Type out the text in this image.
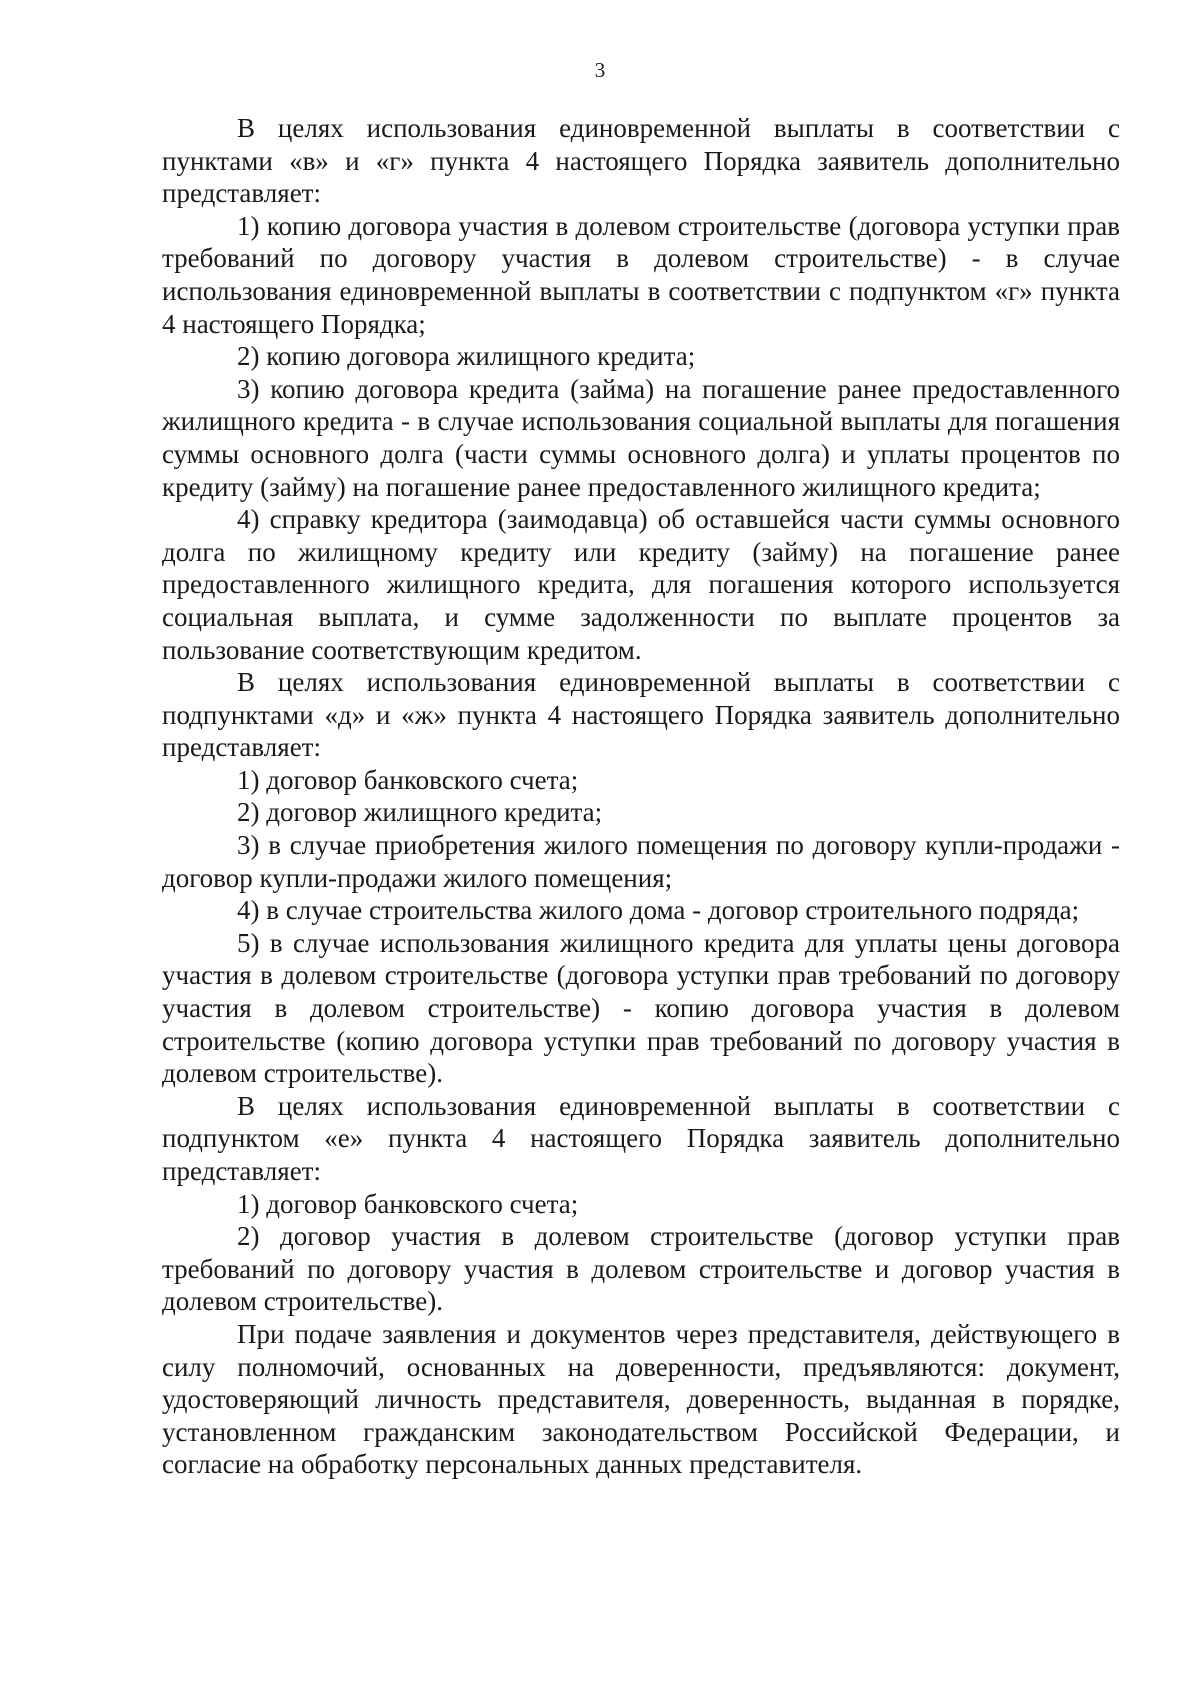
3

В целях использования единовременной выплаты в соответствии с пунктами «в» и «г» пункта 4 настоящего Порядка заявитель дополнительно представляет:

1) копию договора участия в долевом строительстве (договора уступки прав требований по договору участия в долевом строительстве) - в случае использования единовременной выплаты в соответствии с подпунктом «г» пункта 4 настоящего Порядка;

2) копию договора жилищного кредита;

3) копию договора кредита (займа) на погашение ранее предоставленного жилищного кредита - в случае использования социальной выплаты для погашения суммы основного долга (части суммы основного долга) и уплаты процентов по кредиту (займу) на погашение ранее предоставленного жилищного кредита;

4) справку кредитора (заимодавца) об оставшейся части суммы основного долга по жилищному кредиту или кредиту (займу) на погашение ранее предоставленного жилищного кредита, для погашения которого используется социальная выплата, и сумме задолженности по выплате процентов за пользование соответствующим кредитом.

В целях использования единовременной выплаты в соответствии с подпунктами «д» и «ж» пункта 4 настоящего Порядка заявитель дополнительно представляет:

1) договор банковского счета;

2) договор жилищного кредита;

3) в случае приобретения жилого помещения по договору купли-продажи - договор купли-продажи жилого помещения;

4) в случае строительства жилого дома - договор строительного подряда;

5) в случае использования жилищного кредита для уплаты цены договора участия в долевом строительстве (договора уступки прав требований по договору участия в долевом строительстве) - копию договора участия в долевом строительстве (копию договора уступки прав требований по договору участия в долевом строительстве).

В целях использования единовременной выплаты в соответствии с подпунктом «е» пункта 4 настоящего Порядка заявитель дополнительно представляет:

1) договор банковского счета;

2) договор участия в долевом строительстве (договор уступки прав требований по договору участия в долевом строительстве и договор участия в долевом строительстве).

При подаче заявления и документов через представителя, действующего в силу полномочий, основанных на доверенности, предъявляются: документ, удостоверяющий личность представителя, доверенность, выданная в порядке, установленном гражданским законодательством Российской Федерации, и согласие на обработку персональных данных представителя.
